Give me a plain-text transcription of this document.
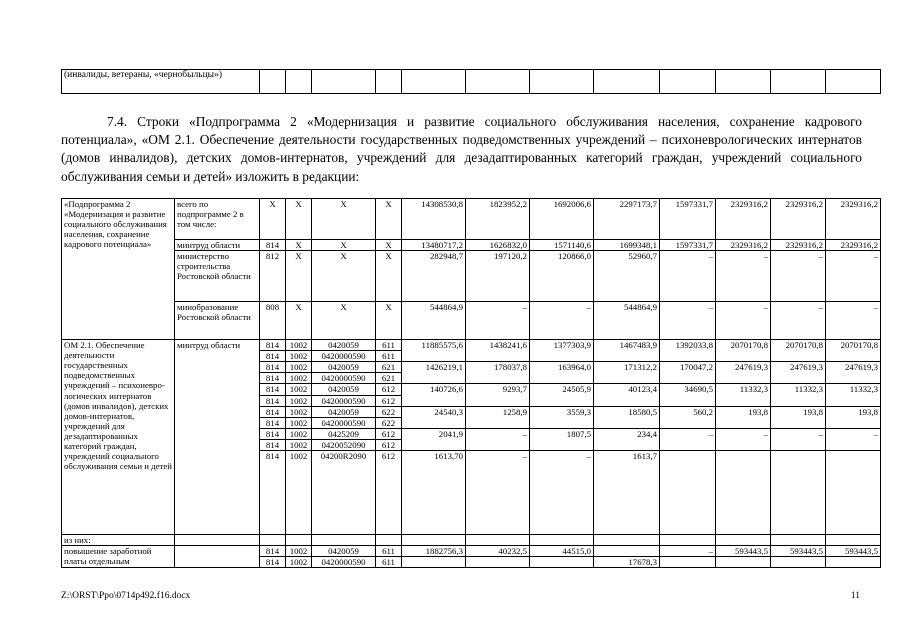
(инвалиды, ветераны, «чернобыльцы»)												
7.4. Строки «Подпрограмма 2 «Модернизация и развитие социального обслуживания населения, сохранение кадрового потенциала», «ОМ 2.1. Обеспечение деятельности государственных подведомственных учреждений – психоневрологических интернатов (домов инвалидов), детских домов-интернатов, учреждений для дезадаптированных категорий граждан, учреждений социального обслуживания семьи и детей» изложить в редакции:
«Подпрограмма 2 «Модернизация и развитие социального обслуживания населения, сохранение кадрового потенциала»	всего по подпрограмме 2 в том числе:	Х	Х	Х	Х	14308530,8	1823952,2	1692006,6	2297173,7	1597331,7	2329316,2	2329316,2	2329316,2
	минтруд области	814	Х	Х	Х	13480717,2	1626832,0	1571140,6	1699348,1	1597331,7	2329316,2	2329316,2	2329316,2
	министерство строительства Ростовской области	812	Х	Х	Х	282948,7	197120,2	120866,0	52960,7	–	–	–	–
	минобразование Ростовской области	808	Х	Х	Х	544864,9	–	–	544864,9	–	–	–	–
ОМ 2.1. Обеспечение деятельности государственных подведомственных учреждений – психоневро-логических интернатов (домов инвалидов), детских домов-интернатов, учреждений для дезадаптированных категорий граждан, учреждений социального обслуживания семьи и детей	минтруд области	814	1002	0420059	611	11885575,6	1438241,6	1377303,9	1467483,9	1392033,8	2070170,8	2070170,8	2070170,8
		814	1002	0420000590	611								
		814	1002	0420059	621	1426219,1	178037,8	163964,0	171312,2	170047,2	247619,3	247619,3	247619,3
		814	1002	0420000590	621								
		814	1002	0420059	612	140726,6	9293,7	24505,9	40123,4	34690,5	11332,3	11332,3	11332,3
		814	1002	0420000590	612								
		814	1002	0420059	622	24540,3	1258,9	3559,3	18580,5	560,2	193,8	193,8	193,8
		814	1002	0420000590	622								
		814	1002	0425209	612	2041,9	–	1807,5	234,4	–	–	–	–
		814	1002	0420052090	612								
		814	1002	04200R2090	612	1613,70	–	–	1613,7				
из них:													
повышение заработной платы отдельным		814	1002	0420059	611	1882756,3	40232,5	44515,0		–	593443,5	593443,5	593443,5
		814	1002	0420000590	611				17678,3				
Z:\ORST\Ppo\0714p492.f16.docx	11
